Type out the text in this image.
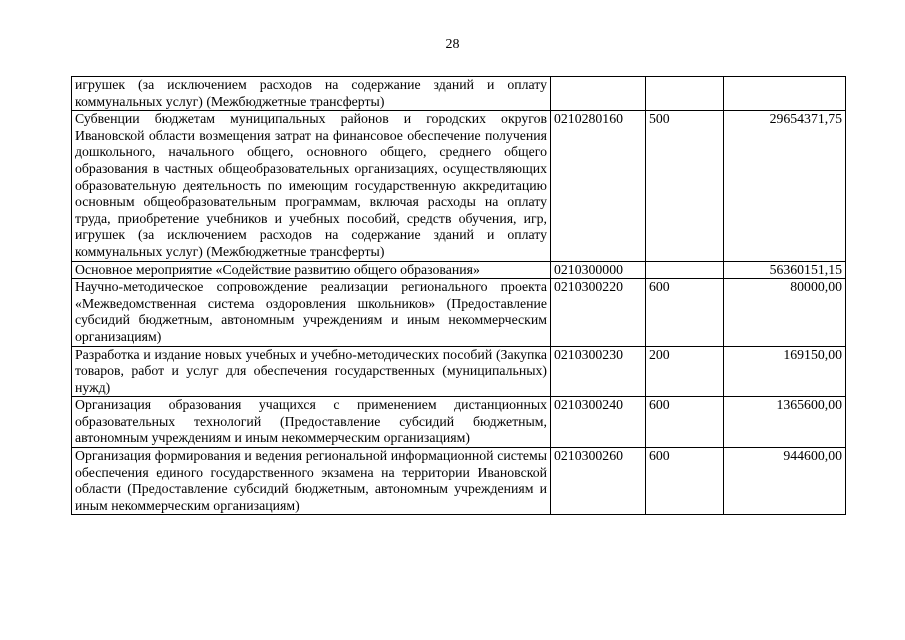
28
игрушек (за исключением расходов на содержание зданий и оплату коммунальных услуг) (Межбюджетные трансферты)			
Субвенции бюджетам муниципальных районов и городских округов Ивановской области возмещения затрат на финансовое обеспечение получения дошкольного, начального общего, основного общего, среднего общего образования в частных общеобразовательных организациях, осуществляющих образовательную деятельность по имеющим государственную аккредитацию основным общеобразовательным программам, включая расходы на оплату труда, приобретение учебников и учебных пособий, средств обучения, игр, игрушек (за исключением расходов на содержание зданий и оплату коммунальных услуг) (Межбюджетные трансферты)	0210280160	500	29654371,75
Основное мероприятие «Содействие развитию общего образования»	0210300000		56360151,15
Научно-методическое сопровождение реализации регионального проекта «Межведомственная система оздоровления школьников» (Предоставление субсидий бюджетным, автономным учреждениям и иным некоммерческим организациям)	0210300220	600	80000,00
Разработка и издание новых учебных и учебно-методических пособий (Закупка товаров, работ и услуг для обеспечения государственных (муниципальных) нужд)	0210300230	200	169150,00
Организация образования учащихся с применением дистанционных образовательных технологий (Предоставление субсидий бюджетным, автономным учреждениям и иным некоммерческим организациям)	0210300240	600	1365600,00
Организация формирования и ведения региональной информационной системы обеспечения единого государственного экзамена на территории Ивановской области (Предоставление субсидий бюджетным, автономным учреждениям и иным некоммерческим организациям)	0210300260	600	944600,00
